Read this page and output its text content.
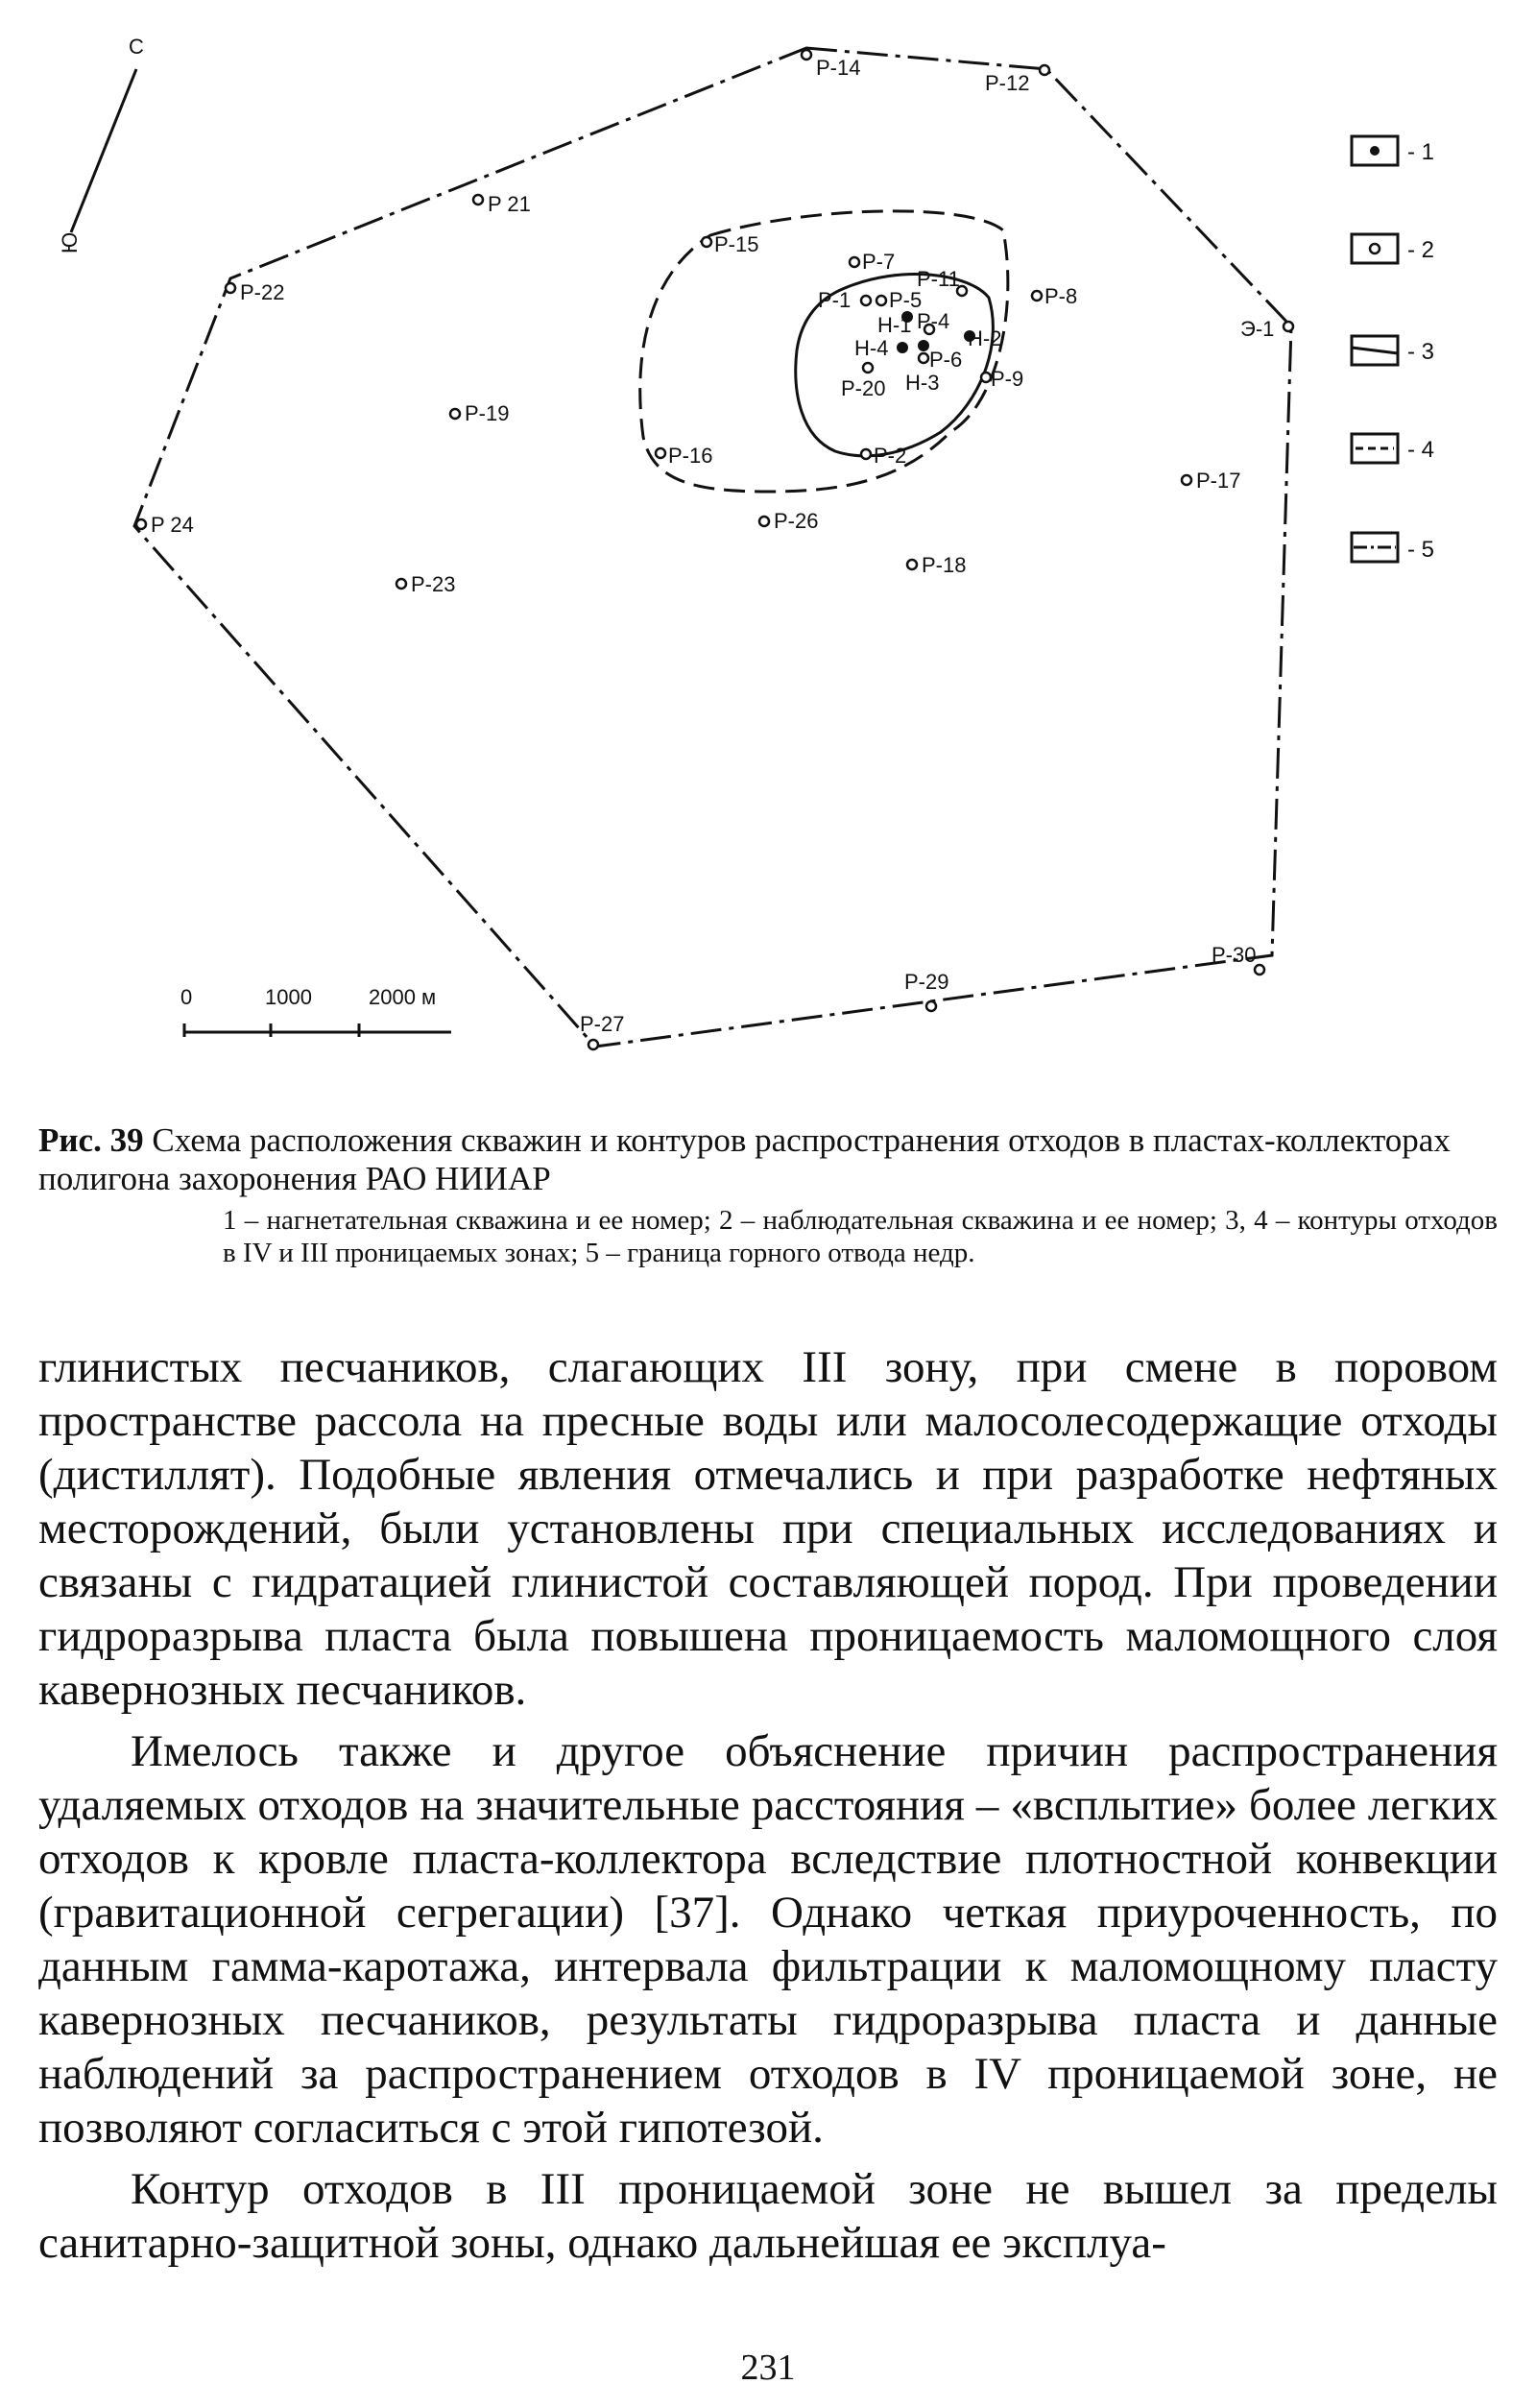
С
Ю
P-14
P-12
P 21
P-15
P-7
P-22	P-1 P-5
P-11
P-8
H-1 P-4
H-2
H-4 P-6
P-20 H-3 P-9
Э-1
P-19
P-16	P-2
P-17
P 24	P-26
P-18
P-23
P-29
P-30
P-27
0	1000	2000 м
- 1
- 2
- 3
- 4
- 5
Рис. 39 Схема расположения скважин и контуров распространения отходов в пластах-коллекторах полигона захоронения РАО НИИАР
1 – нагнетательная скважина и ее номер; 2 – наблюдательная скважина и ее номер; 3, 4 – контуры отходов в IV и III проницаемых зонах; 5 – граница горного отвода недр.

глинистых песчаников, слагающих III зону, при смене в поровом пространстве рассола на пресные воды или малосолесодержащие отходы (дистиллят). Подобные явления отмечались и при разработке нефтяных месторождений, были установлены при специальных исследованиях и связаны с гидратацией глинистой составляющей пород. При проведении гидроразрыва пласта была повышена проницаемость маломощного слоя кавернозных песчаников.

Имелось также и другое объяснение причин распространения удаляемых отходов на значительные расстояния – «всплытие» более легких отходов к кровле пласта-коллектора вследствие плотностной конвекции (гравитационной сегрегации) [37]. Однако четкая приуроченность, по данным гамма-каротажа, интервала фильтрации к маломощному пласту кавернозных песчаников, результаты гидроразрыва пласта и данные наблюдений за распространением отходов в IV проницаемой зоне, не позволяют согласиться с этой гипотезой.

Контур отходов в III проницаемой зоне не вышел за пределы санитарно-защитной зоны, однако дальнейшая ее эксплуа-

231
